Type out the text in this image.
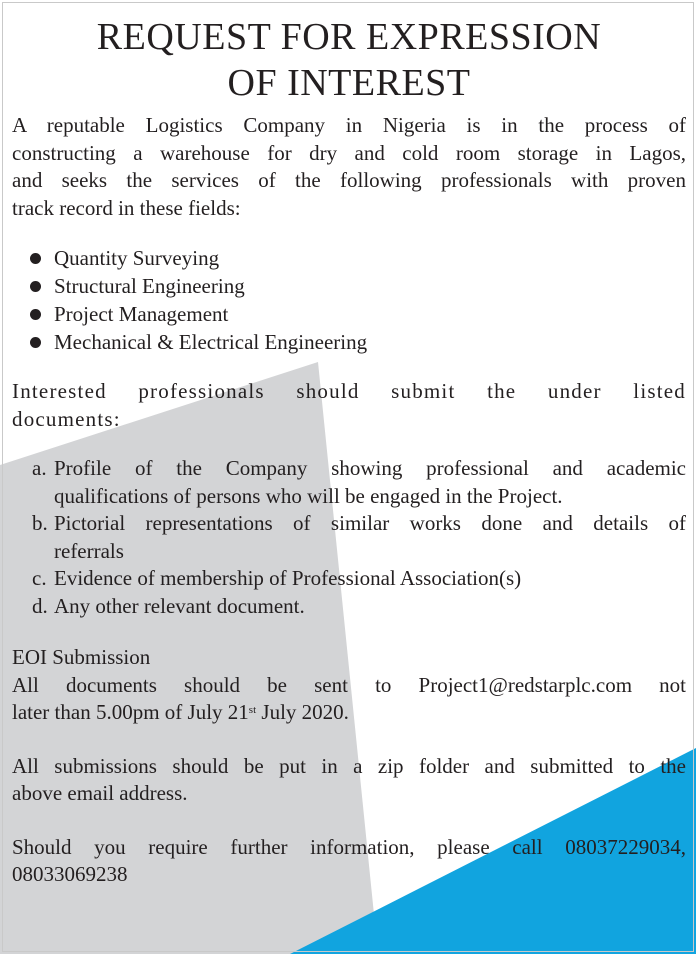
REQUEST FOR EXPRESSION
OF INTEREST

A reputable Logistics Company in Nigeria is in the process of

constructing a warehouse for dry and cold room storage in Lagos,

and seeks the services of the following professionals with proven

track record in these fields:

Quantity Surveying
Structural Engineering
Project Management
Mechanical & Electrical Engineering

Interested professionals should submit the under listed

documents:

a. Profile of the Company showing professional and academic

qualifications of persons who will be engaged in the Project.

b. Pictorial representations of similar works done and details of

referrals

c. Evidence of membership of Professional Association(s)

d. Any other relevant document.

EOI Submission

All documents should be sent to Project1@redstarplc.com not

later than 5.00pm of July 21st July 2020.

All submissions should be put in a zip folder and submitted to the

above email address.

Should you require further information, please call 08037229034,

08033069238
